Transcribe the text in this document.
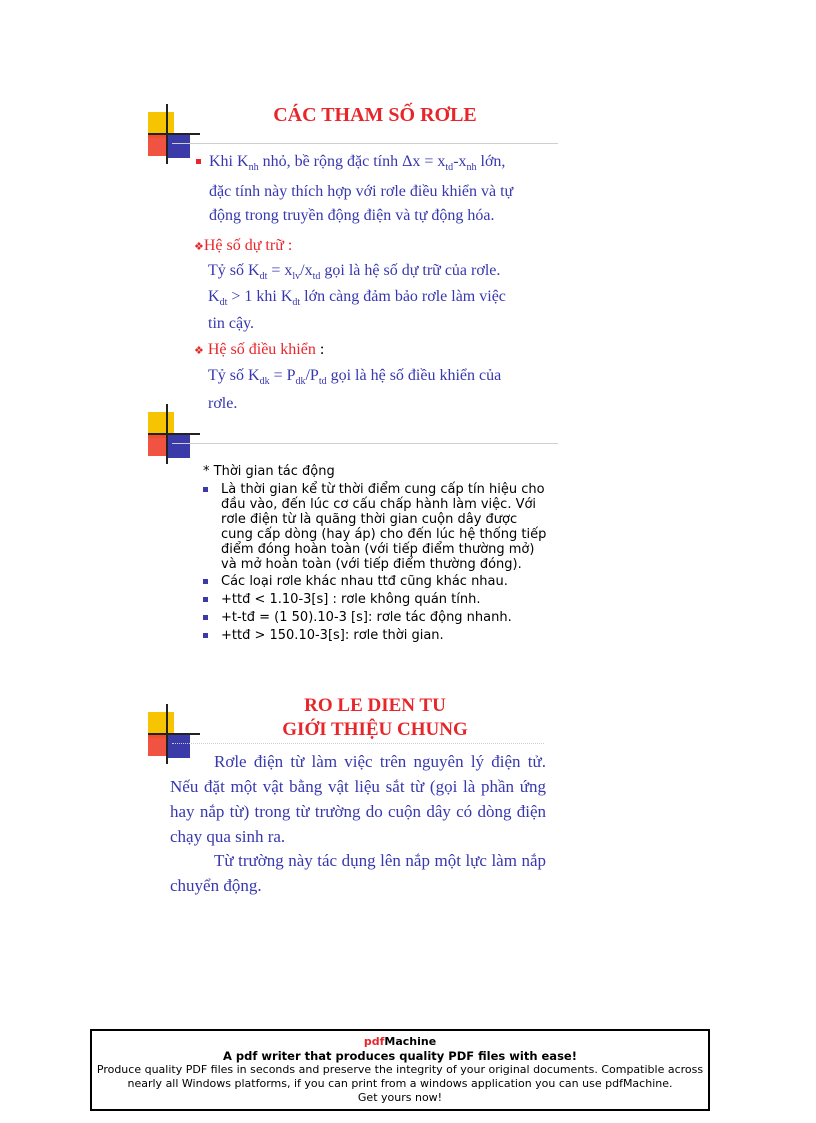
CÁC THAM SỐ RƠLE
Khi $K_{nh}$ nhỏ, bề rộng đặc tính $\Delta x = x_{td}-x_{nh}$ lớn,
đặc tính này thích hợp với rơle điều khiển và tự
động trong truyền động điện và tự động hóa.
❖Hệ số dự trữ :
Tỷ số $K_{dt} = x_{lv}/x_{td}$ gọi là hệ số dự trữ của rơle.
$K_{dt} > 1$ khi $K_{dt}$ lớn càng đảm bảo rơle làm việc
tin cậy.
❖ Hệ số điều khiển :
Tỷ số $K_{dk} = P_{dk}/P_{td}$ gọi là hệ số điều khiển của
rơle.
* Thời gian tác động
Là thời gian kể từ thời điểm cung cấp tín hiệu cho đầu vào, đến lúc cơ cấu chấp hành làm việc. Với rơle điện từ là quãng thời gian cuộn dây được cung cấp dòng (hay áp) cho đến lúc hệ thống tiếp điểm đóng hoàn toàn (với tiếp điểm thường mở) và mở hoàn toàn (với tiếp điểm thường đóng).
Các loại rơle khác nhau ttđ cũng khác nhau.
+ttđ < 1.10-3[s] : rơle không quán tính.
+t-tđ = (1 50).10-3 [s]: rơle tác động nhanh.
+ttđ > 150.10-3[s]: rơle thời gian.
RO LE DIEN TU
GIỚI THIỆU CHUNG
Rơle điện từ làm việc trên nguyên lý điện tử. Nếu đặt một vật bằng vật liệu sắt từ (gọi là phần ứng hay nắp từ) trong từ trường do cuộn dây có dòng điện chạy qua sinh ra.
Từ trường này tác dụng lên nắp một lực làm nắp chuyển động.
pdfMachine
A pdf writer that produces quality PDF files with ease!
Produce quality PDF files in seconds and preserve the integrity of your original documents. Compatible across
nearly all Windows platforms, if you can print from a windows application you can use pdfMachine.
Get yours now!
